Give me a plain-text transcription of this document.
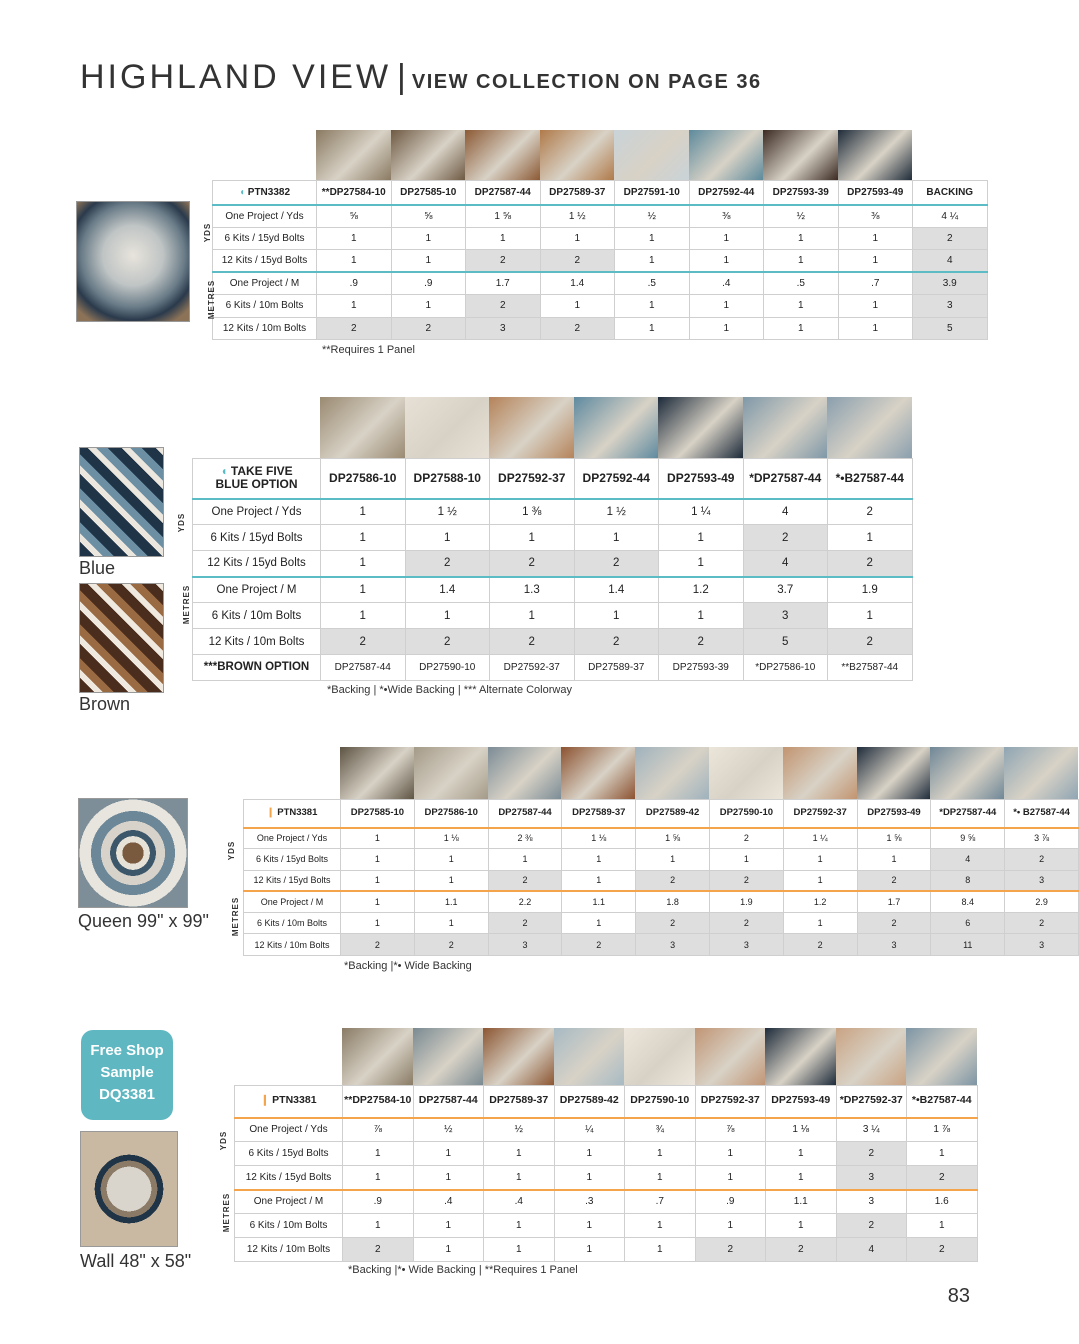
HIGHLAND VIEW | VIEW COLLECTION ON PAGE 36
◖ PTN3382	**DP27584-10	DP27585-10	DP27587-44	DP27589-37	DP27591-10	DP27592-44	DP27593-39	DP27593-49	BACKING
One Project / Yds	⅝	⅝	1 ⅝	1 ½	½	⅜	½	⅜	4 ¼
6 Kits / 15yd Bolts	1	1	1	1	1	1	1	1	2
12 Kits / 15yd Bolts	1	1	2	2	1	1	1	1	4
One Project / M	.9	.9	1.7	1.4	.5	.4	.5	.7	3.9
6 Kits / 10m Bolts	1	1	2	1	1	1	1	1	3
12 Kits / 10m Bolts	2	2	3	2	1	1	1	1	5
YDS
METRES
**Requires 1 Panel
◖ TAKE FIVE
BLUE OPTION	DP27586-10	DP27588-10	DP27592-37	DP27592-44	DP27593-49	*DP27587-44	*•B27587-44
One Project / Yds	1	1 ½	1 ⅜	1 ½	1 ¼	4	2
6 Kits / 15yd Bolts	1	1	1	1	1	2	1
12 Kits / 15yd Bolts	1	2	2	2	1	4	2
One Project / M	1	1.4	1.3	1.4	1.2	3.7	1.9
6 Kits / 10m Bolts	1	1	1	1	1	3	1
12 Kits / 10m Bolts	2	2	2	2	2	5	2
***BROWN OPTION	DP27587-44	DP27590-10	DP27592-37	DP27589-37	DP27593-39	*DP27586-10	**B27587-44
YDS
METRES
*Backing | *•Wide Backing | *** Alternate Colorway
Blue
Brown
❙ PTN3381	DP27585-10	DP27586-10	DP27587-44	DP27589-37	DP27589-42	DP27590-10	DP27592-37	DP27593-49	*DP27587-44	*• B27587-44
One Project / Yds	1	1 ⅛	2 ⅜	1 ⅛	1 ⅝	2	1 ¼	1 ⅝	9 ⅝	3 ⅞
6 Kits / 15yd Bolts	1	1	1	1	1	1	1	1	4	2
12 Kits / 15yd Bolts	1	1	2	1	2	2	1	2	8	3
One Project / M	1	1.1	2.2	1.1	1.8	1.9	1.2	1.7	8.4	2.9
6 Kits / 10m Bolts	1	1	2	1	2	2	1	2	6	2
12 Kits / 10m Bolts	2	2	3	2	3	3	2	3	11	3
YDS
METRES
*Backing |*• Wide Backing
Queen 99" x 99"
❙ PTN3381	**DP27584-10	DP27587-44	DP27589-37	DP27589-42	DP27590-10	DP27592-37	DP27593-49	*DP27592-37	*•B27587-44
One Project / Yds	⅞	½	½	¼	¾	⅞	1 ⅛	3 ¼	1 ⅞
6 Kits / 15yd Bolts	1	1	1	1	1	1	1	2	1
12 Kits / 15yd Bolts	1	1	1	1	1	1	1	3	2
One Project / M	.9	.4	.4	.3	.7	.9	1.1	3	1.6
6 Kits / 10m Bolts	1	1	1	1	1	1	1	2	1
12 Kits / 10m Bolts	2	1	1	1	1	2	2	4	2
YDS
METRES
*Backing |*• Wide Backing | **Requires 1 Panel
Wall 48" x 58"
Free Shop
Sample
DQ3381
83
